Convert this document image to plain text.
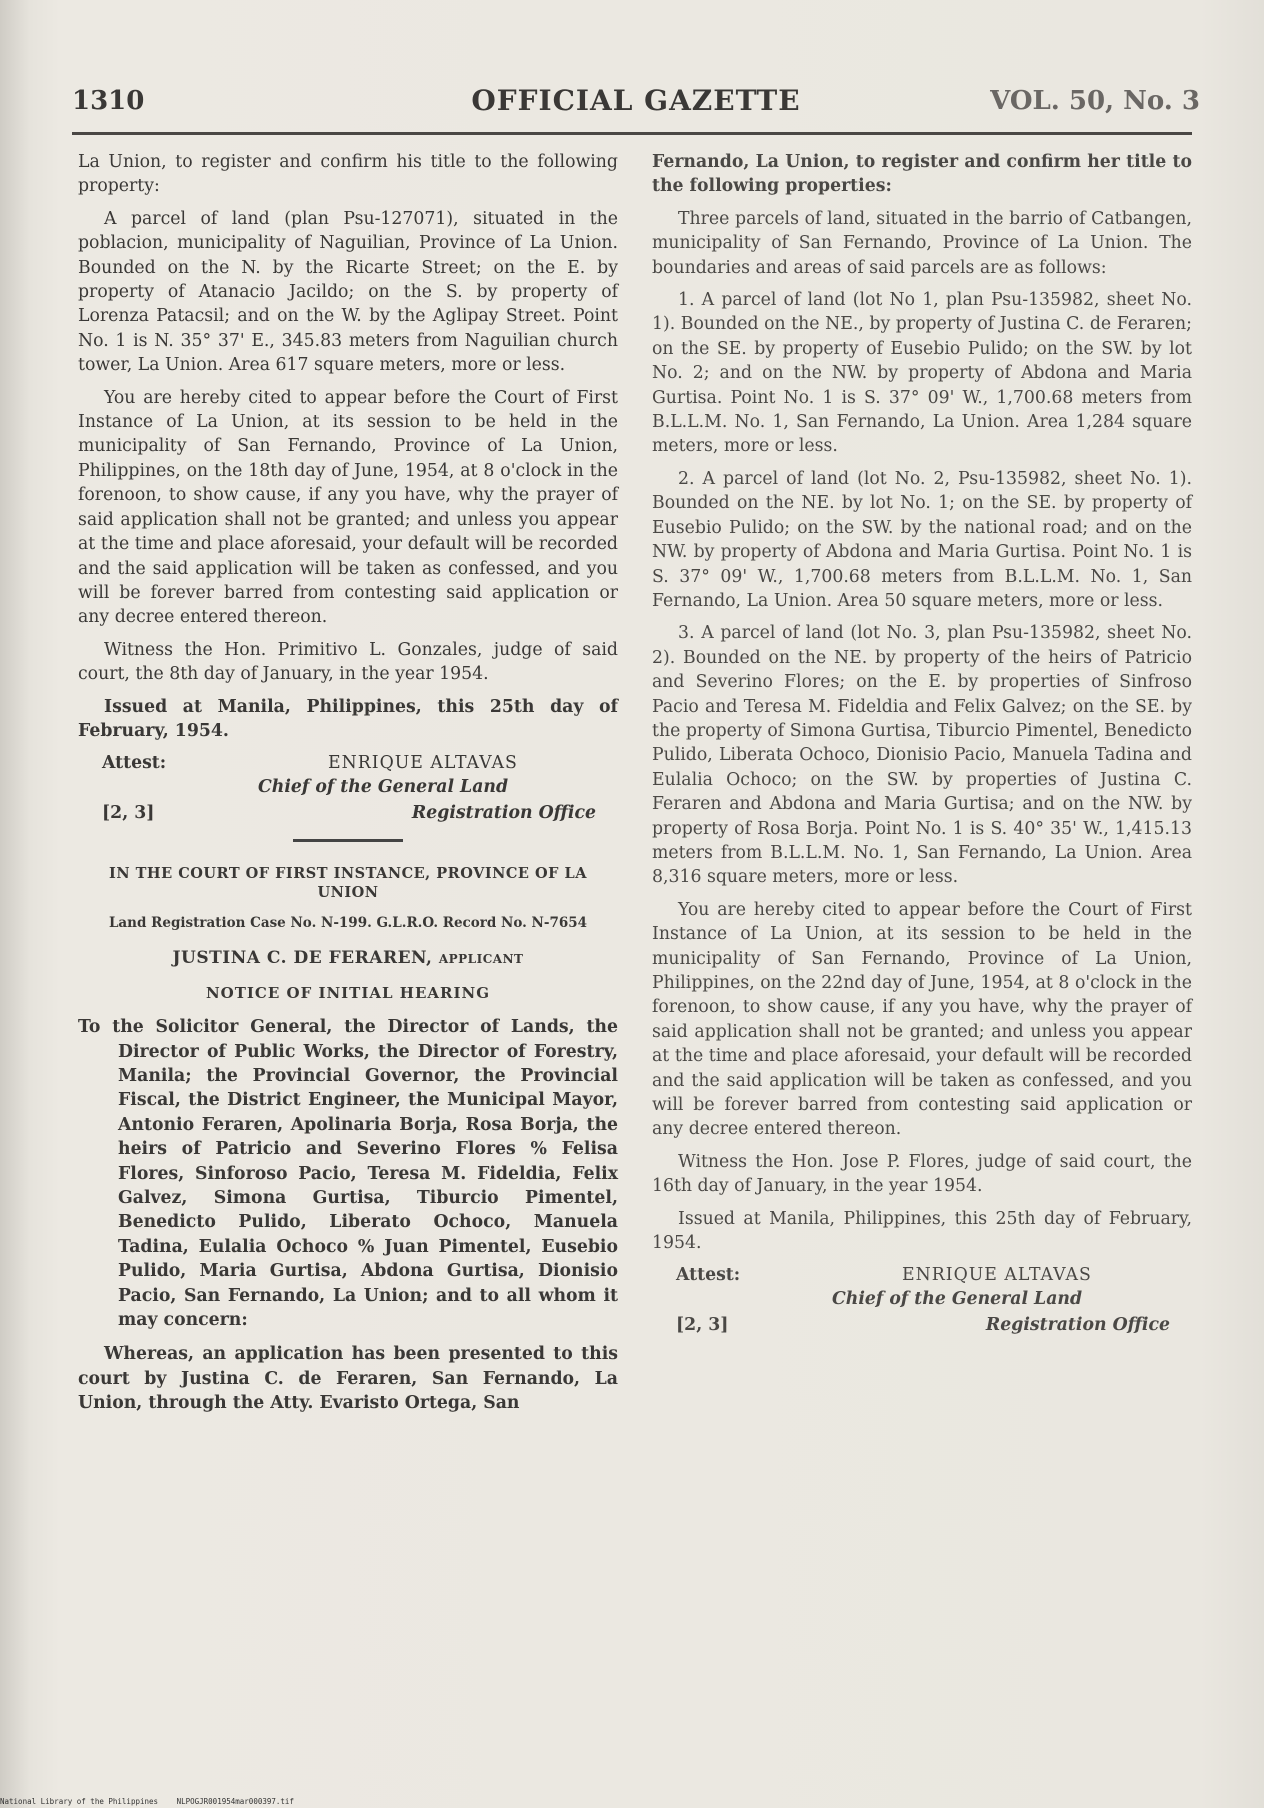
1310	OFFICIAL GAZETTE	VOL. 50, No. 3

La Union, to register and confirm his title to the following property:

A parcel of land (plan Psu-127071), situated in the poblacion, municipality of Naguilian, Province of La Union. Bounded on the N. by the Ricarte Street; on the E. by property of Atanacio Jacildo; on the S. by property of Lorenza Patacsil; and on the W. by the Aglipay Street. Point No. 1 is N. 35° 37' E., 345.83 meters from Naguilian church tower, La Union. Area 617 square meters, more or less.

You are hereby cited to appear before the Court of First Instance of La Union, at its session to be held in the municipality of San Fernando, Province of La Union, Philippines, on the 18th day of June, 1954, at 8 o'clock in the forenoon, to show cause, if any you have, why the prayer of said application shall not be granted; and unless you appear at the time and place aforesaid, your default will be recorded and the said application will be taken as confessed, and you will be forever barred from contesting said application or any decree entered thereon.

Witness the Hon. Primitivo L. Gonzales, judge of said court, the 8th day of January, in the year 1954.

Issued at Manila, Philippines, this 25th day of February, 1954.

Attest:	ENRIQUE ALTAVAS
Chief of the General Land
[2, 3]	Registration Office
IN THE COURT OF FIRST INSTANCE, PROVINCE OF LA UNION
Land Registration Case No. N-199. G.L.R.O. Record No. N-7654
JUSTINA C. DE FERAREN, applicant
NOTICE OF INITIAL HEARING
To the Solicitor General, the Director of Lands, the Director of Public Works, the Director of Forestry, Manila; the Provincial Governor, the Provincial Fiscal, the District Engineer, the Municipal Mayor, Antonio Feraren, Apolinaria Borja, Rosa Borja, the heirs of Patricio and Severino Flores % Felisa Flores, Sinforoso Pacio, Teresa M. Fideldia, Felix Galvez, Simona Gurtisa, Tiburcio Pimentel, Benedicto Pulido, Liberato Ochoco, Manuela Tadina, Eulalia Ochoco % Juan Pimentel, Eusebio Pulido, Maria Gurtisa, Abdona Gurtisa, Dionisio Pacio, San Fernando, La Union; and to all whom it may concern:

Whereas, an application has been presented to this court by Justina C. de Feraren, San Fernando, La Union, through the Atty. Evaristo Ortega, San

Fernando, La Union, to register and confirm her title to the following properties:

Three parcels of land, situated in the barrio of Catbangen, municipality of San Fernando, Province of La Union. The boundaries and areas of said parcels are as follows:

1. A parcel of land (lot No 1, plan Psu-135982, sheet No. 1). Bounded on the NE., by property of Justina C. de Feraren; on the SE. by property of Eusebio Pulido; on the SW. by lot No. 2; and on the NW. by property of Abdona and Maria Gurtisa. Point No. 1 is S. 37° 09' W., 1,700.68 meters from B.L.L.M. No. 1, San Fernando, La Union. Area 1,284 square meters, more or less.

2. A parcel of land (lot No. 2, Psu-135982, sheet No. 1). Bounded on the NE. by lot No. 1; on the SE. by property of Eusebio Pulido; on the SW. by the national road; and on the NW. by property of Abdona and Maria Gurtisa. Point No. 1 is S. 37° 09' W., 1,700.68 meters from B.L.L.M. No. 1, San Fernando, La Union. Area 50 square meters, more or less.

3. A parcel of land (lot No. 3, plan Psu-135982, sheet No. 2). Bounded on the NE. by property of the heirs of Patricio and Severino Flores; on the E. by properties of Sinfroso Pacio and Teresa M. Fideldia and Felix Galvez; on the SE. by the property of Simona Gurtisa, Tiburcio Pimentel, Benedicto Pulido, Liberata Ochoco, Dionisio Pacio, Manuela Tadina and Eulalia Ochoco; on the SW. by properties of Justina C. Feraren and Abdona and Maria Gurtisa; and on the NW. by property of Rosa Borja. Point No. 1 is S. 40° 35' W., 1,415.13 meters from B.L.L.M. No. 1, San Fernando, La Union. Area 8,316 square meters, more or less.

You are hereby cited to appear before the Court of First Instance of La Union, at its session to be held in the municipality of San Fernando, Province of La Union, Philippines, on the 22nd day of June, 1954, at 8 o'clock in the forenoon, to show cause, if any you have, why the prayer of said application shall not be granted; and unless you appear at the time and place aforesaid, your default will be recorded and the said application will be taken as confessed, and you will be forever barred from contesting said application or any decree entered thereon.

Witness the Hon. Jose P. Flores, judge of said court, the 16th day of January, in the year 1954.

Issued at Manila, Philippines, this 25th day of February, 1954.

Attest:	ENRIQUE ALTAVAS
Chief of the General Land
[2, 3]	Registration Office
National Library of the Philippines NLPOGJR001954mar000397.tif
